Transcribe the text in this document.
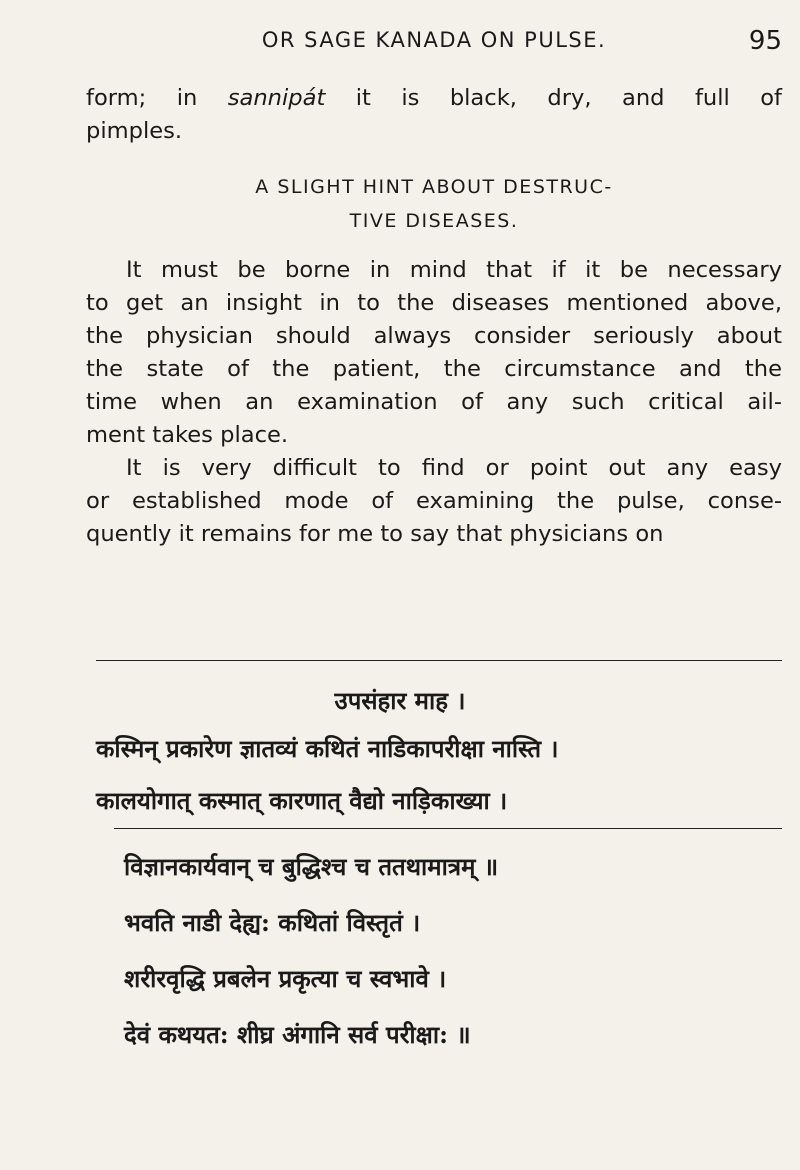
OR SAGE KANADA ON PULSE.	95
form; in sannipát it is black, dry, and full of
pimples.
A SLIGHT HINT ABOUT DESTRUC-
TIVE DISEASES.
It must be borne in mind that if it be necessary
to get an insight in to the diseases mentioned above,
the physician should always consider seriously about
the state of the patient, the circumstance and the
time when an examination of any such critical ail-
ment takes place.
It is very difficult to find or point out any easy
or established mode of examining the pulse, conse-
quently it remains for me to say that physicians on
उपसंहार माह ।
कस्मिन् प्रकारेण ज्ञातव्यं कथितं नाडिकापरीक्षा नास्ति ।
कालयोगात् कस्मात् कारणात् वैद्यो नाड़िकाख्या ।
विज्ञानकार्यवान् च बुद्धिश्च च ततथामात्रम् ॥
भवति नाडी देह्य: कथितां विस्तृतं ।
शरीरवृद्धि प्रबलेन प्रकृत्या च स्वभावे ।
देवं कथयत: शीघ्र अंगानि सर्व परीक्षा: ॥
